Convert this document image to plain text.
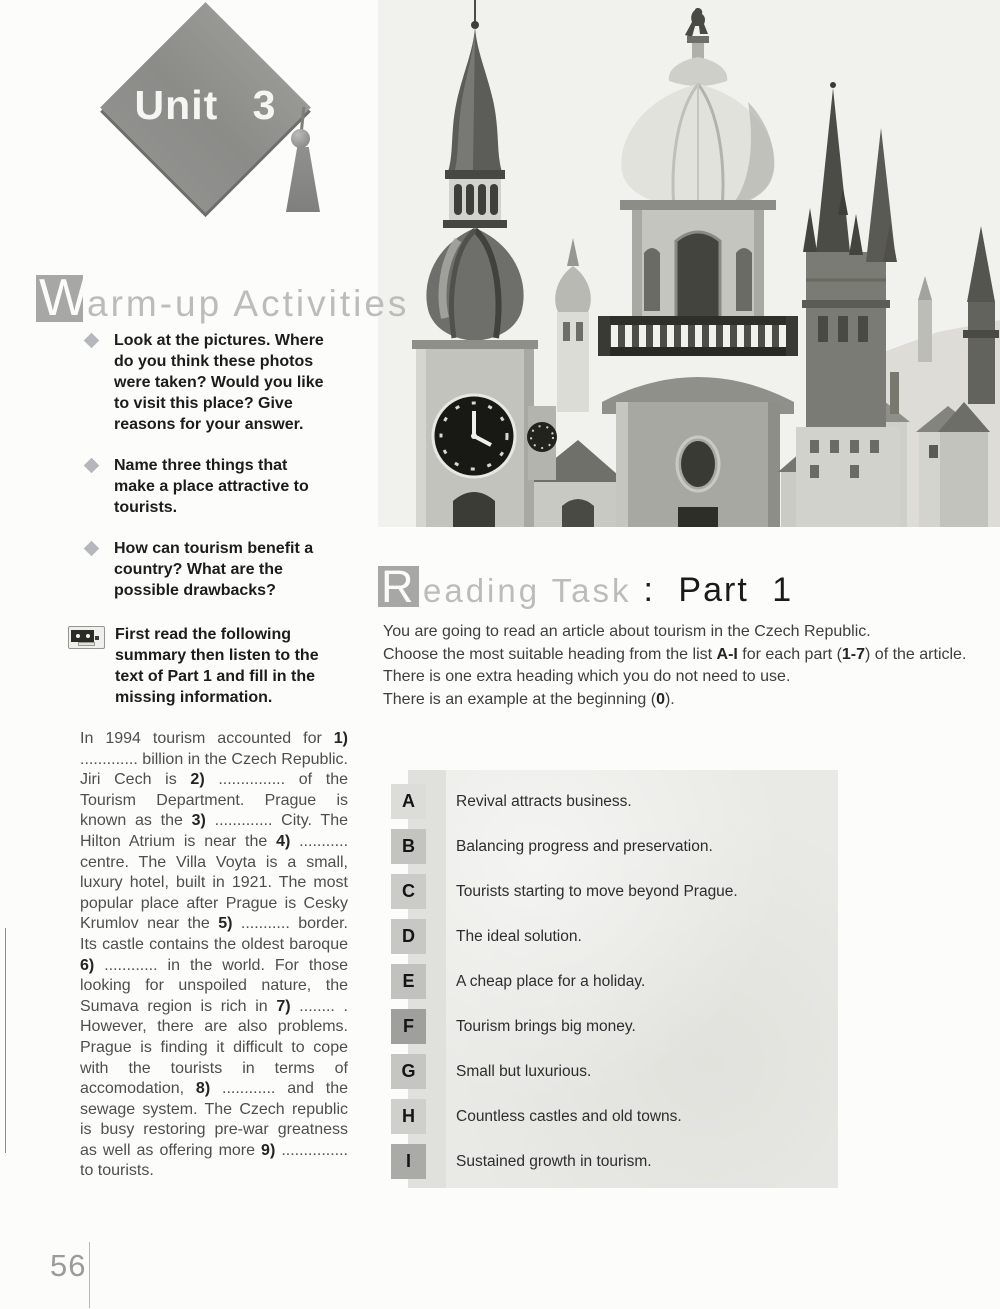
Unit 3
W
arm-up Activities
Look at the pictures. Where do you think these photos were taken? Would you like to visit this place? Give reasons for your answer.
Name three things that make a place attractive to tourists.
How can tourism benefit a country? What are the possible drawbacks?
First read the following summary then listen to the text of Part 1 and fill in the missing information.

In 1994 tourism accounted for 1) ............. billion in the Czech Republic. Jiri Cech is 2) ............... of the Tourism Department. Prague is known as the 3) ............. City. The Hilton Atrium is near the 4) ........... centre. The Villa Voyta is a small, luxury hotel, built in 1921. The most popular place after Prague is Cesky Krumlov near the 5) ........... border. Its castle contains the oldest baroque 6) ............ in the world. For those looking for unspoiled nature, the Sumava region is rich in 7) ........ . However, there are also problems. Prague is finding it difficult to cope with the tourists in terms of accomodation, 8) ............ and the sewage system. The Czech republic is busy restoring pre-war greatness as well as offering more 9) ............... to tourists.

R eading Task : Part 1

You are going to read an article about tourism in the Czech Republic.
Choose the most suitable heading from the list A-I for each part (1-7) of the article. There is one extra heading which you do not need to use.
There is an example at the beginning (0).

A	Revival attracts business.
B	Balancing progress and preservation.
C	Tourists starting to move beyond Prague.
D	The ideal solution.
E	A cheap place for a holiday.
F	Tourism brings big money.
G	Small but luxurious.
H	Countless castles and old towns.
I	Sustained growth in tourism.
56
